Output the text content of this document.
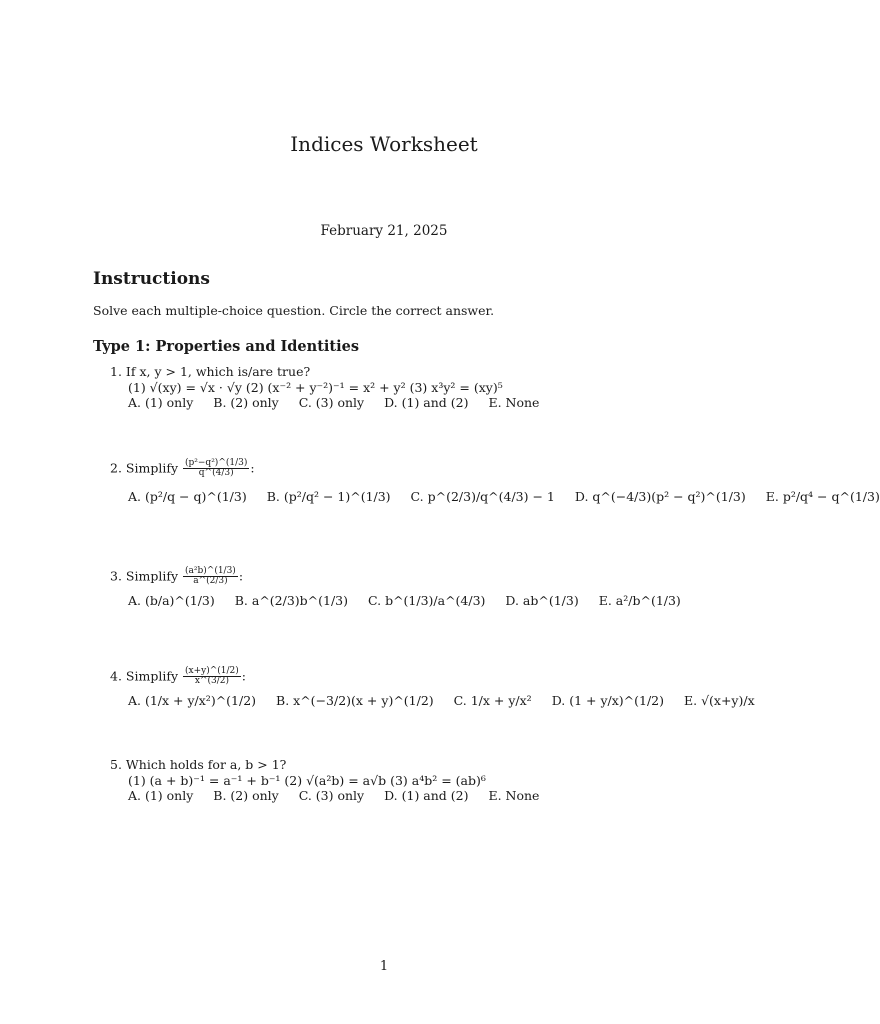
Indices Worksheet
February 21, 2025
Instructions
Solve each multiple-choice question. Circle the correct answer.
Type 1: Properties and Identities
1. If x, y > 1, which is/are true?
(1) √(xy) = √x · √y (2) (x⁻² + y⁻²)⁻¹ = x² + y² (3) x³y² = (xy)⁵
A. (1) only B. (2) only C. (3) only D. (1) and (2) E. None
2. Simplify $\frac{\text{(p²−q²)\textasciicircum{}(1/3)}}{q\^{}(4/3)}$ :
A. (p²/q − q)^(1/3) B. (p²/q² − 1)^(1/3) C. p^(2/3)/q^(4/3) − 1 D. q^(−4/3)(p² − q²)^(1/3) E. p²/q⁴ − q^(1/3)
3. Simplify $\frac{\text{(a²b)\textasciicircum{}(1/3)}}{a\^{}(2/3)}$ :
A. (b/a)^(1/3) B. a^(2/3)b^(1/3) C. b^(1/3)/a^(4/3) D. ab^(1/3) E. a²/b^(1/3)
4. Simplify $\frac{(x+y)\^{}(1/2)}{x\^{}(3/2)}$ :
A. (1/x + y/x²)^(1/2) B. x^(−3/2)(x + y)^(1/2) C. 1/x + y/x² D. (1 + y/x)^(1/2) E. √(x+y)/x
5. Which holds for a, b > 1?
(1) (a + b)⁻¹ = a⁻¹ + b⁻¹ (2) √(a²b) = a√b (3) a⁴b² = (ab)⁶
A. (1) only B. (2) only C. (3) only D. (1) and (2) E. None
1
